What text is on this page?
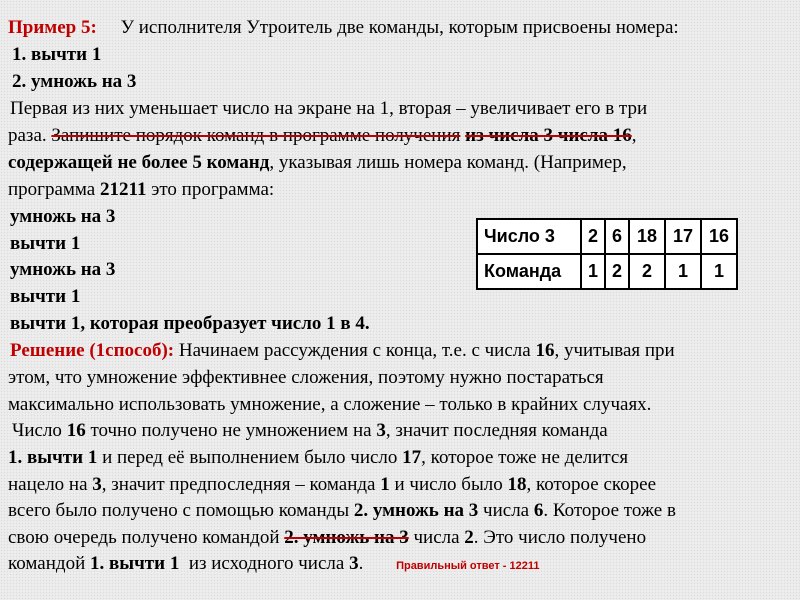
Пример 5: У исполнителя Утроитель две команды, которым присвоены номера:
1. вычти 1
2. умножь на 3
Первая из них уменьшает число на экране на 1, вторая – увеличивает его в три
раза. Запишите порядок команд в программе получения из числа 3 числа 16,
содержащей не более 5 команд, указывая лишь номера команд. (Например,
программа 21211 это программа:
умножь на 3
вычти 1
умножь на 3
вычти 1
вычти 1, которая преобразует число 1 в 4.
Число 3	2	6	18	17	16
Команда	1	2	2	1	1
Решение (1способ): Начинаем рассуждения с конца, т.е. с числа 16, учитывая при
этом, что умножение эффективнее сложения, поэтому нужно постараться
максимально использовать умножение, а сложение – только в крайних случаях.
Число 16 точно получено не умножением на 3, значит последняя команда
1. вычти 1 и перед её выполнением было число 17, которое тоже не делится
нацело на 3, значит предпоследняя – команда 1 и число было 18, которое скорее
всего было получено с помощью команды 2. умножь на 3 числа 6. Которое тоже в
свою очередь получено командой 2. умножь на 3 числа 2. Это число получено
командой 1. вычти 1 из исходного числа 3.	Правильный ответ - 12211
